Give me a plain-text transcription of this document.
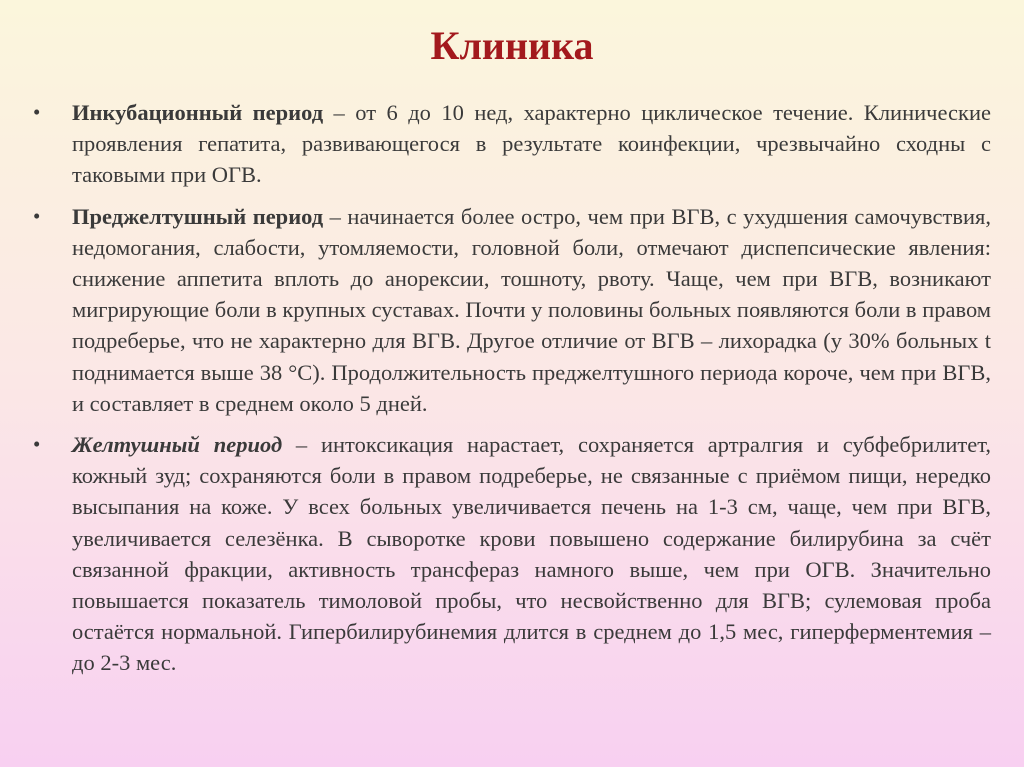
Клиника
•	Инкубационный период – от 6 до 10 нед, характерно циклическое течение. Клинические проявления гепатита, развивающегося в результате коинфекции, чрезвычайно сходны с таковыми при ОГВ.
•	Преджелтушный период – начинается более остро, чем при ВГВ, с ухудшения самочувствия, недомогания, слабости, утомляемости, головной боли, отмечают диспепсические явления: снижение аппетита вплоть до анорексии, тошноту, рвоту. Чаще, чем при ВГВ, возникают мигрирующие боли в крупных суставах. Почти у половины больных появляются боли в правом подреберье, что не характерно для ВГВ. Другое отличие от ВГВ – лихорадка (у 30% больных t поднимается выше 38 °С). Продолжительность преджелтушного периода короче, чем при ВГВ, и составляет в среднем около 5 дней.
•	Желтушный период – интоксикация нарастает, сохраняется артралгия и субфебрилитет, кожный зуд; сохраняются боли в правом подреберье, не связанные с приёмом пищи, нередко высыпания на коже. У всех больных увеличивается печень на 1-3 см, чаще, чем при ВГВ, увеличивается селезёнка. В сыворотке крови повышено содержание билирубина за счёт связанной фракции, активность трансфераз намного выше, чем при ОГВ. Значительно повышается показатель тимоловой пробы, что несвойственно для ВГВ; сулемовая проба остаётся нормальной. Гипербилирубинемия длится в среднем до 1,5 мес, гиперферментемия – до 2-3 мес.
